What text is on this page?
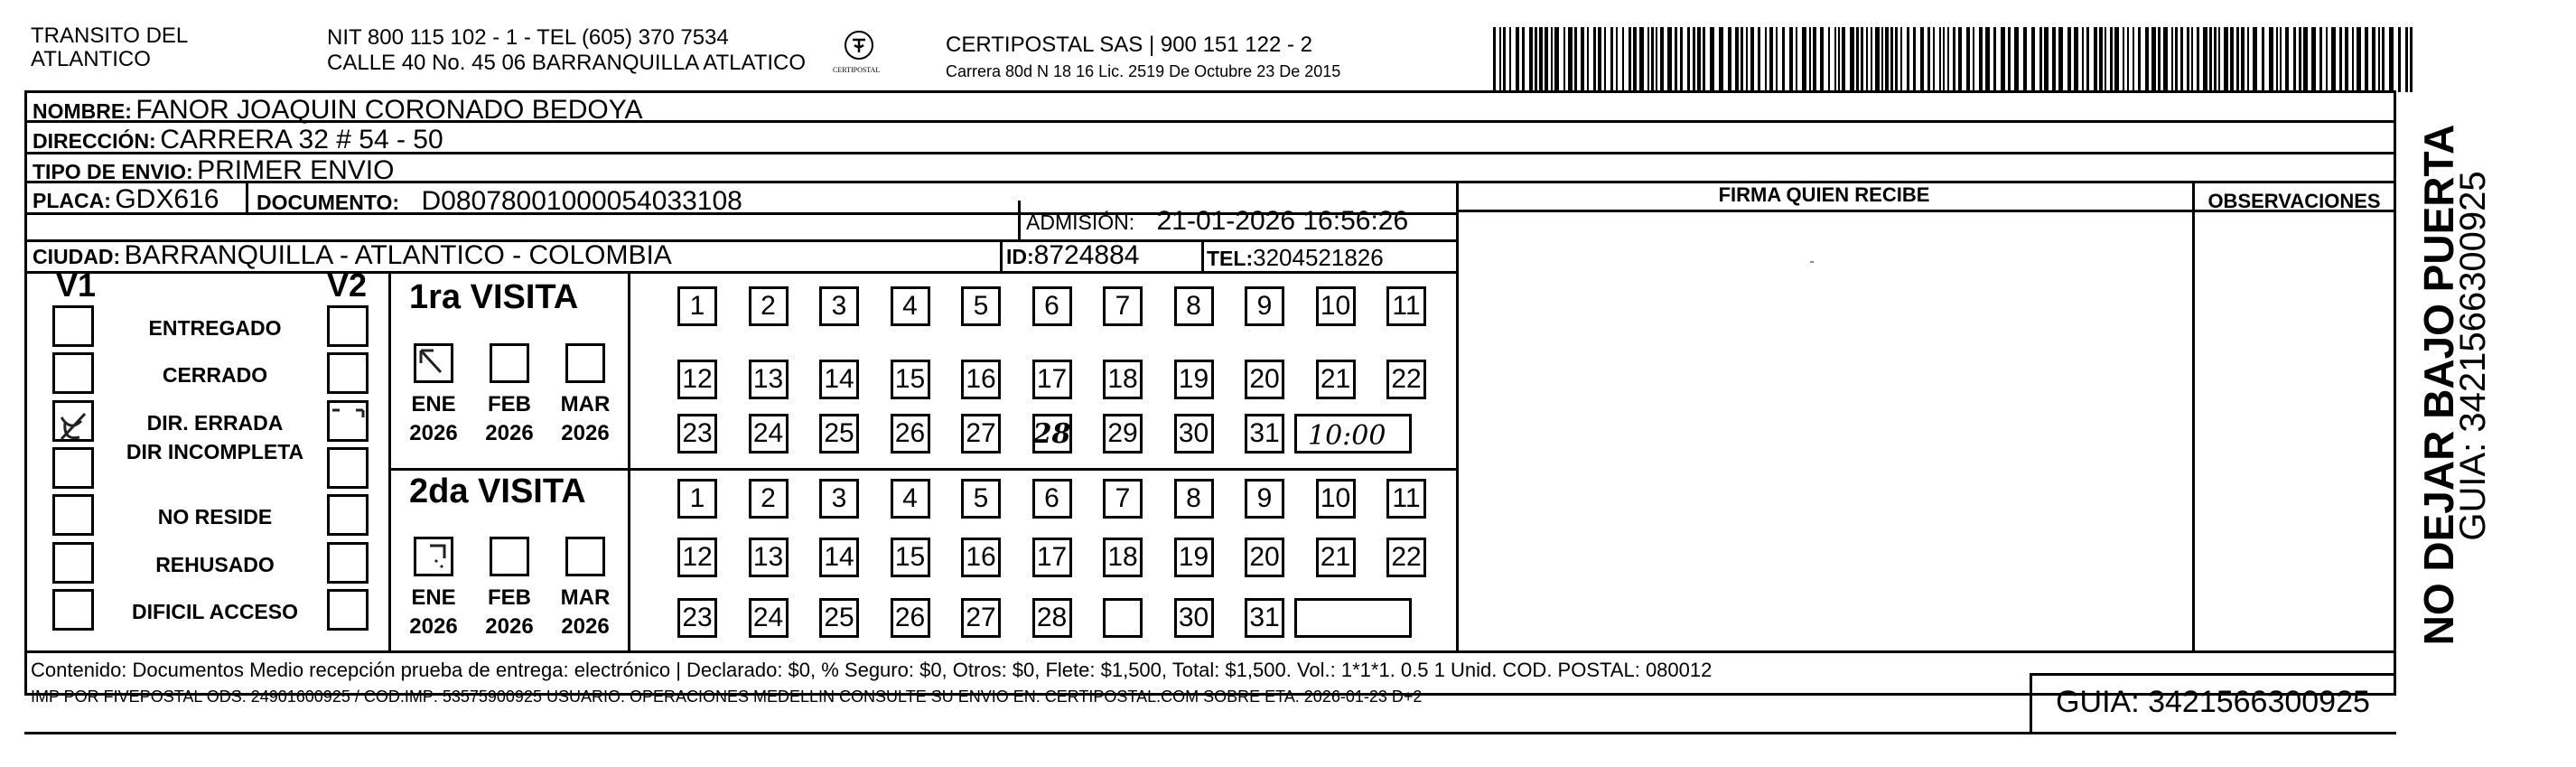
TRANSITO DEL
ATLANTICO
NIT 800 115 102 - 1 - TEL (605) 370 7534
CALLE 40 No. 45 06 BARRANQUILLA ATLATICO	CERTIPOSTAL
CERTIPOSTAL SAS | 900 151 122 - 2
Carrera 80d N 18 16 Lic. 2519 De Octubre 23 De 2015
NOMBRE: FANOR JOAQUIN CORONADO BEDOYA
DIRECCIÓN: CARRERA 32 # 54 - 50
TIPO DE ENVIO: PRIMER ENVIO
PLACA: GDX616 DOCUMENTO: D08078001000054033108
ADMISIÓN: 21-01-2026 16:56:26
CIUDAD: BARRANQUILLA - ATLANTICO - COLOMBIA	ID:8724884	TEL:3204521826
FIRMA QUIEN RECIBE	OBSERVACIONES
V1	V2
ENTREGADO
CERRADO
DIR. ERRADA
DIR INCOMPLETA
NO RESIDE
REHUSADO
DIFICIL ACCESO
1ra VISITA
2da VISITA
ENE
2026
FEB
2026
MAR
2026
ENE
2026
FEB
2026
MAR
2026
1	2	3	4	5	6	7	8	9	10 11
12 13 14 15 16 17 18 19 20 21 22
23 24 25 26 27 28 29 30 31 10:00
1	2	3	4	5	6	7	8	9	10 11
12 13 14 15 16 17 18 19 20 21 22
23 24 25 26 27 28	30 31
Contenido: Documentos Medio recepción prueba de entrega: electrónico | Declarado: $0, % Seguro: $0, Otros: $0, Flete: $1,500, Total: $1,500. Vol.: 1*1*1. 0.5 1 Unid. COD. POSTAL: 080012
IMP POR FIVEPOSTAL ODS: 24901600925 / COD.IMP: 53575900925 USUARIO: OPERACIONES MEDELLIN CONSULTE SU ENVIO EN: CERTIPOSTAL.COM SOBRE ETA: 2026-01-23 D+2	GUIA: 3421566300925
NO DEJAR BAJO PUERTA
GUIA: 3421566300925
